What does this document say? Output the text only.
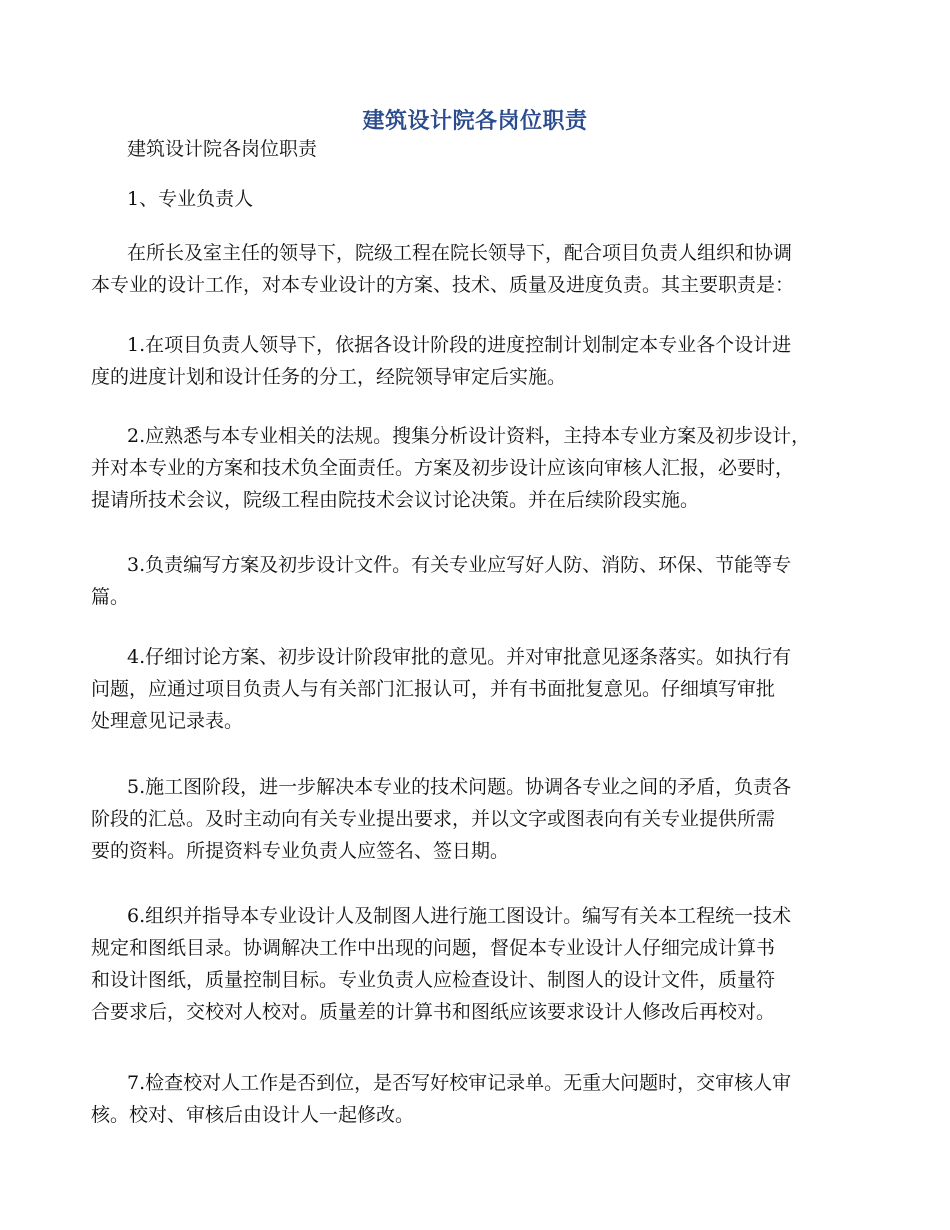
建筑设计院各岗位职责
建筑设计院各岗位职责
1、专业负责人
在所长及室主任的领导下，院级工程在院长领导下，配合项目负责人组织和协调
本专业的设计工作，对本专业设计的方案、技术、质量及进度负责。其主要职责是：
1.在项目负责人领导下，依据各设计阶段的进度控制计划制定本专业各个设计进
度的进度计划和设计任务的分工，经院领导审定后实施。
2.应熟悉与本专业相关的法规。搜集分析设计资料，主持本专业方案及初步设计，
并对本专业的方案和技术负全面责任。方案及初步设计应该向审核人汇报，必要时，
提请所技术会议，院级工程由院技术会议讨论决策。并在后续阶段实施。
3.负责编写方案及初步设计文件。有关专业应写好人防、消防、环保、节能等专
篇。
4.仔细讨论方案、初步设计阶段审批的意见。并对审批意见逐条落实。如执行有
问题，应通过项目负责人与有关部门汇报认可，并有书面批复意见。仔细填写审批
处理意见记录表。
5.施工图阶段，进一步解决本专业的技术问题。协调各专业之间的矛盾，负责各
阶段的汇总。及时主动向有关专业提出要求，并以文字或图表向有关专业提供所需
要的资料。所提资料专业负责人应签名、签日期。
6.组织并指导本专业设计人及制图人进行施工图设计。编写有关本工程统一技术
规定和图纸目录。协调解决工作中出现的问题，督促本专业设计人仔细完成计算书
和设计图纸，质量控制目标。专业负责人应检查设计、制图人的设计文件，质量符
合要求后，交校对人校对。质量差的计算书和图纸应该要求设计人修改后再校对。
7.检查校对人工作是否到位，是否写好校审记录单。无重大问题时，交审核人审
核。校对、审核后由设计人一起修改。
